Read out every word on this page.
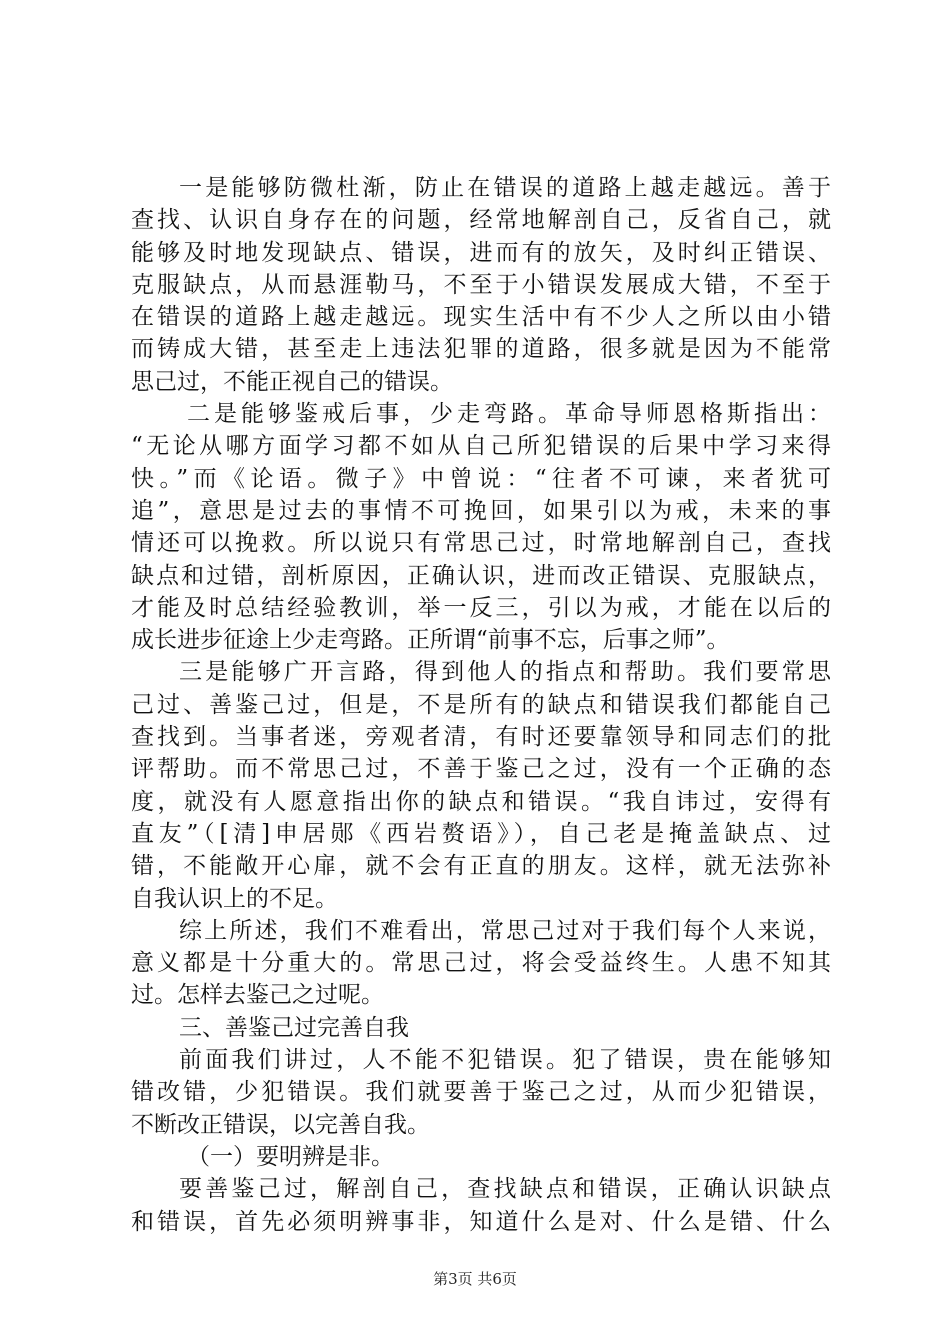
一是能够防微杜渐，防止在错误的道路上越走越远。善于
查找、认识自身存在的问题，经常地解剖自己，反省自己，就
能够及时地发现缺点、错误，进而有的放矢，及时纠正错误、
克服缺点，从而悬涯勒马，不至于小错误发展成大错，不至于
在错误的道路上越走越远。现实生活中有不少人之所以由小错
而铸成大错，甚至走上违法犯罪的道路，很多就是因为不能常
思己过，不能正视自己的错误。
二是能够鉴戒后事，少走弯路。革命导师恩格斯指出：
“无论从哪方面学习都不如从自己所犯错误的后果中学习来得
快。”而《论语。微子》中曾说：“往者不可谏，来者犹可
追”，意思是过去的事情不可挽回，如果引以为戒，未来的事
情还可以挽救。所以说只有常思己过，时常地解剖自己，查找
缺点和过错，剖析原因，正确认识，进而改正错误、克服缺点，
才能及时总结经验教训，举一反三，引以为戒，才能在以后的
成长进步征途上少走弯路。正所谓“前事不忘，后事之师”。
三是能够广开言路，得到他人的指点和帮助。我们要常思
己过、善鉴己过，但是，不是所有的缺点和错误我们都能自己
查找到。当事者迷，旁观者清，有时还要靠领导和同志们的批
评帮助。而不常思己过，不善于鉴己之过，没有一个正确的态
度，就没有人愿意指出你的缺点和错误。“我自讳过，安得有
直友”（[清]申居郧《西岩赘语》），自己老是掩盖缺点、过
错，不能敞开心扉，就不会有正直的朋友。这样，就无法弥补
自我认识上的不足。
综上所述，我们不难看出，常思己过对于我们每个人来说，
意义都是十分重大的。常思己过，将会受益终生。人患不知其
过。怎样去鉴己之过呢。
三、善鉴己过完善自我
前面我们讲过，人不能不犯错误。犯了错误，贵在能够知
错改错，少犯错误。我们就要善于鉴己之过，从而少犯错误，
不断改正错误，以完善自我。
（一）要明辨是非。
要善鉴己过，解剖自己，查找缺点和错误，正确认识缺点
和错误，首先必须明辨事非，知道什么是对、什么是错、什么
第3页 共6页
